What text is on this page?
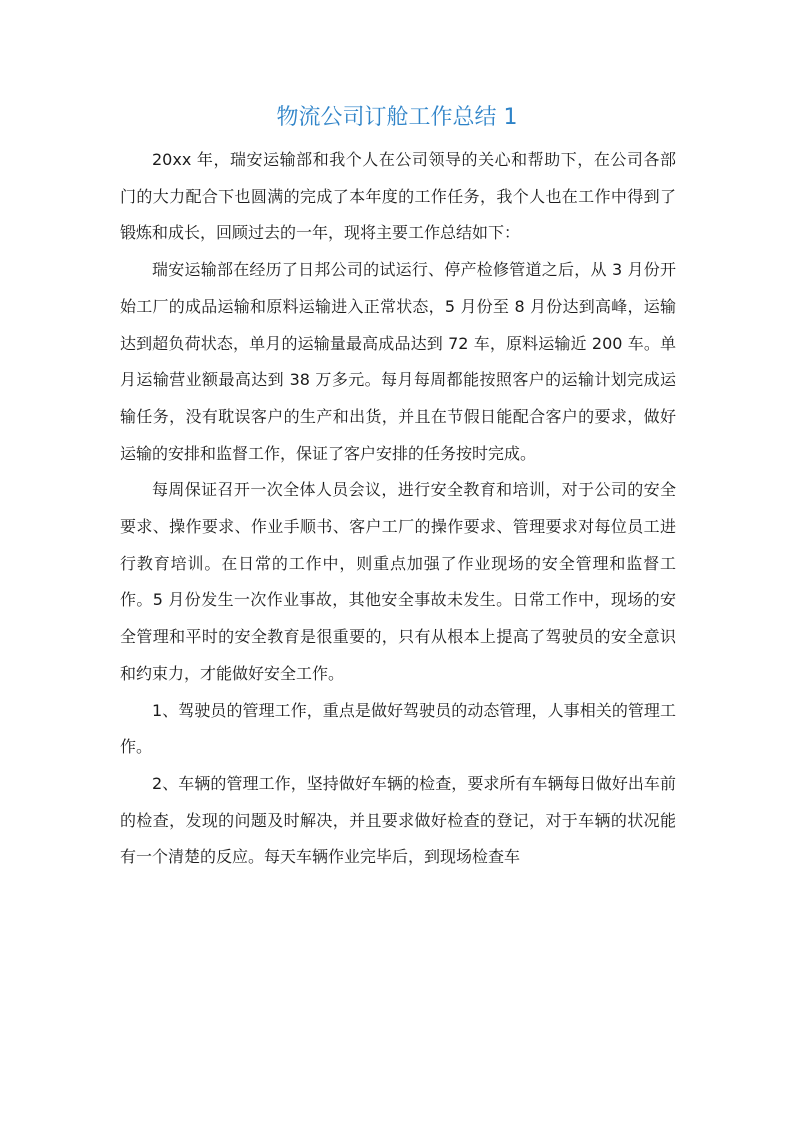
物流公司订舱工作总结 1

20xx 年，瑞安运输部和我个人在公司领导的关心和帮助下，在公司各部门的大力配合下也圆满的完成了本年度的工作任务，我个人也在工作中得到了锻炼和成长，回顾过去的一年，现将主要工作总结如下：

瑞安运输部在经历了日邦公司的试运行、停产检修管道之后，从 3 月份开始工厂的成品运输和原料运输进入正常状态，5 月份至 8 月份达到高峰，运输达到超负荷状态，单月的运输量最高成品达到 72 车，原料运输近 200 车。单月运输营业额最高达到 38 万多元。每月每周都能按照客户的运输计划完成运输任务，没有耽误客户的生产和出货，并且在节假日能配合客户的要求，做好运输的安排和监督工作，保证了客户安排的任务按时完成。

每周保证召开一次全体人员会议，进行安全教育和培训，对于公司的安全要求、操作要求、作业手顺书、客户工厂的操作要求、管理要求对每位员工进行教育培训。在日常的工作中，则重点加强了作业现场的安全管理和监督工作。5 月份发生一次作业事故，其他安全事故未发生。日常工作中，现场的安全管理和平时的安全教育是很重要的，只有从根本上提高了驾驶员的安全意识和约束力，才能做好安全工作。

1、驾驶员的管理工作，重点是做好驾驶员的动态管理，人事相关的管理工作。

2、车辆的管理工作，坚持做好车辆的检查，要求所有车辆每日做好出车前的检查，发现的问题及时解决，并且要求做好检查的登记，对于车辆的状况能有一个清楚的反应。每天车辆作业完毕后，到现场检查车
